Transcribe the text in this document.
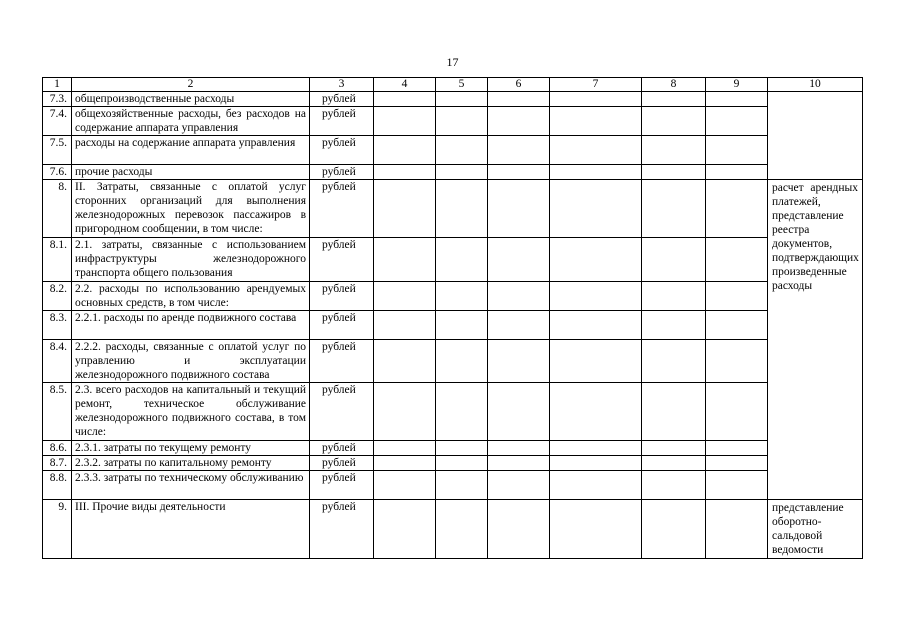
17
1	2	3	4	5	6	7	8	9	10
7.3.	общепроизводственные расходы	рублей							
7.4.	общехозяйственные расходы, без расходов на содержание аппарата управления	рублей							
7.5.	расходы на содержание аппарата управления	рублей							
7.6.	прочие расходы	рублей							
8.	II. Затраты, связанные с оплатой услуг сторонних организаций для выполнения железнодорожных перевозок пассажиров в пригородном сообщении, в том числе:	рублей							расчет арендных платежей, представление реестра документов, подтверждающих произведенные расходы
8.1.	2.1. затраты, связанные с использованием инфраструктуры железнодорожного транспорта общего пользования	рублей							
8.2.	2.2. расходы по использованию арендуемых основных средств, в том числе:	рублей							
8.3.	2.2.1. расходы по аренде подвижного состава	рублей							
8.4.	2.2.2. расходы, связанные с оплатой услуг по управлению и эксплуатации железнодорожного подвижного состава	рублей							
8.5.	2.3. всего расходов на капитальный и текущий ремонт, техническое обслуживание железнодорожного подвижного состава, в том числе:	рублей							
8.6.	2.3.1. затраты по текущему ремонту	рублей							
8.7.	2.3.2. затраты по капитальному ремонту	рублей							
8.8.	2.3.3. затраты по техническому обслуживанию	рублей							
9.	III. Прочие виды деятельности	рублей							представление оборотно-сальдовой ведомости
